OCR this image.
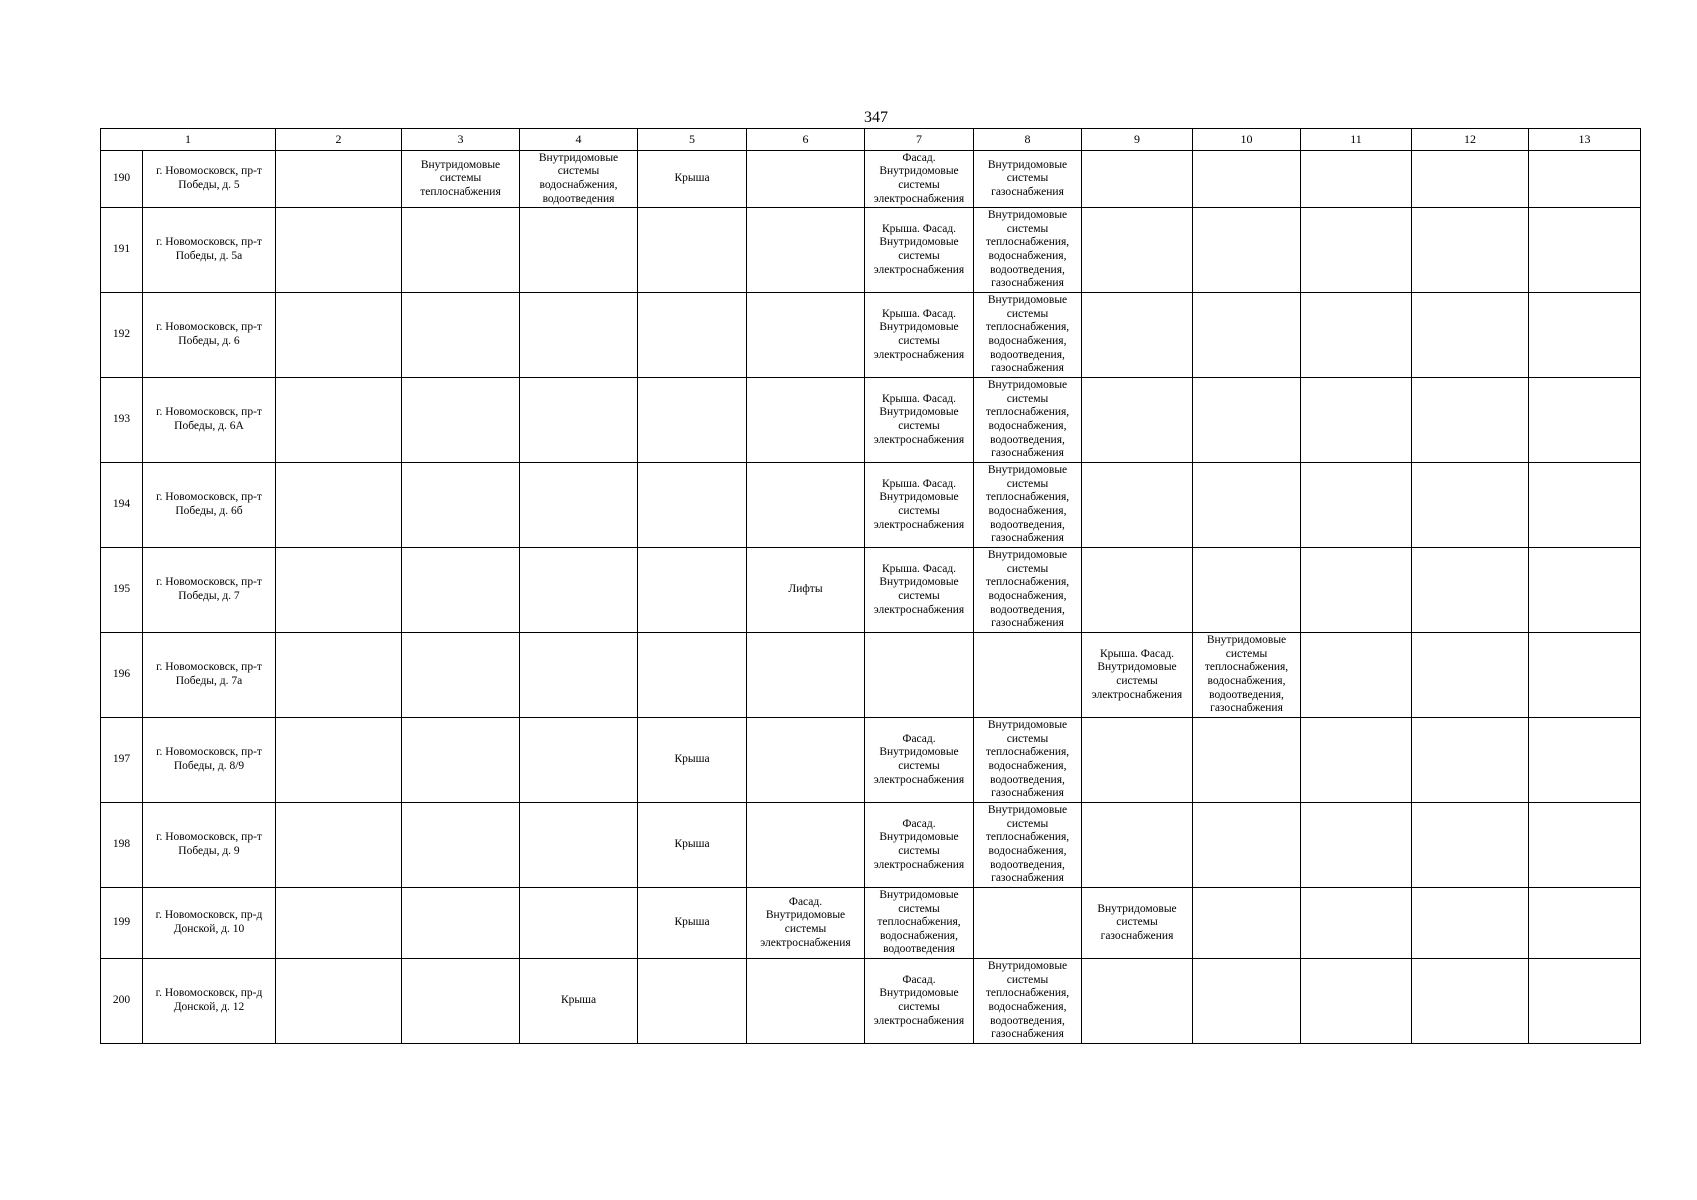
347
1		2	3	4	5	6	7	8	9	10	11	12	13
190	г. Новомосковск, пр-т Победы, д. 5		Внутридомовые системы теплоснабжения	Внутридомовые системы водоснабжения, водоотведения	Крыша		Фасад. Внутридомовые системы электроснабжения	Внутридомовые системы газоснабжения					
191	г. Новомосковск, пр-т Победы, д. 5а						Крыша. Фасад. Внутридомовые системы электроснабжения	Внутридомовые системы теплоснабжения, водоснабжения, водоотведения, газоснабжения					
192	г. Новомосковск, пр-т Победы, д. 6						Крыша. Фасад. Внутридомовые системы электроснабжения	Внутридомовые системы теплоснабжения, водоснабжения, водоотведения, газоснабжения					
193	г. Новомосковск, пр-т Победы, д. 6А						Крыша. Фасад. Внутридомовые системы электроснабжения	Внутридомовые системы теплоснабжения, водоснабжения, водоотведения, газоснабжения					
194	г. Новомосковск, пр-т Победы, д. 6б						Крыша. Фасад. Внутридомовые системы электроснабжения	Внутридомовые системы теплоснабжения, водоснабжения, водоотведения, газоснабжения					
195	г. Новомосковск, пр-т Победы, д. 7					Лифты	Крыша. Фасад. Внутридомовые системы электроснабжения	Внутридомовые системы теплоснабжения, водоснабжения, водоотведения, газоснабжения					
196	г. Новомосковск, пр-т Победы, д. 7а								Крыша. Фасад. Внутридомовые системы электроснабжения	Внутридомовые системы теплоснабжения, водоснабжения, водоотведения, газоснабжения			
197	г. Новомосковск, пр-т Победы, д. 8/9				Крыша		Фасад. Внутридомовые системы электроснабжения	Внутридомовые системы теплоснабжения, водоснабжения, водоотведения, газоснабжения					
198	г. Новомосковск, пр-т Победы, д. 9				Крыша		Фасад. Внутридомовые системы электроснабжения	Внутридомовые системы теплоснабжения, водоснабжения, водоотведения, газоснабжения					
199	г. Новомосковск, пр-д Донской, д. 10				Крыша	Фасад. Внутридомовые системы электроснабжения	Внутридомовые системы теплоснабжения, водоснабжения, водоотведения		Внутридомовые системы газоснабжения				
200	г. Новомосковск, пр-д Донской, д. 12			Крыша			Фасад. Внутридомовые системы электроснабжения	Внутридомовые системы теплоснабжения, водоснабжения, водоотведения, газоснабжения					
